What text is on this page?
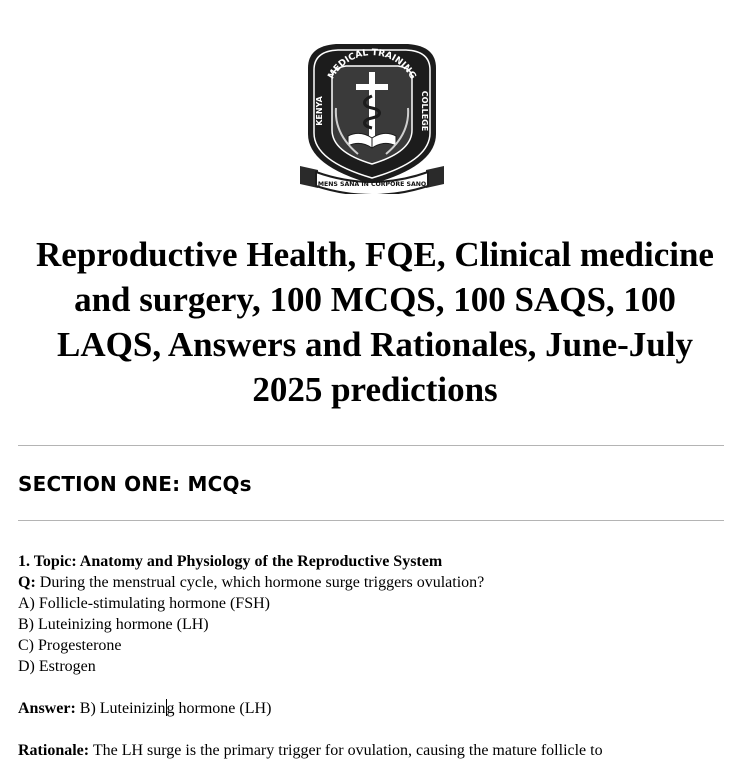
MEDICAL TRAINING
KENYA
COLLEGE
MENS SANA IN CORPORE SANO
Reproductive Health, FQE, Clinical medicine
and surgery, 100 MCQS, 100 SAQS, 100
LAQS, Answers and Rationales, June-July
2025 predictions
SECTION ONE: MCQs
1. Topic: Anatomy and Physiology of the Reproductive System
Q: During the menstrual cycle, which hormone surge triggers ovulation?
A) Follicle-stimulating hormone (FSH)
B) Luteinizing hormone (LH)
C) Progesterone
D) Estrogen
Answer: B) Luteinizing hormone (LH)
Rationale: The LH surge is the primary trigger for ovulation, causing the mature follicle to
